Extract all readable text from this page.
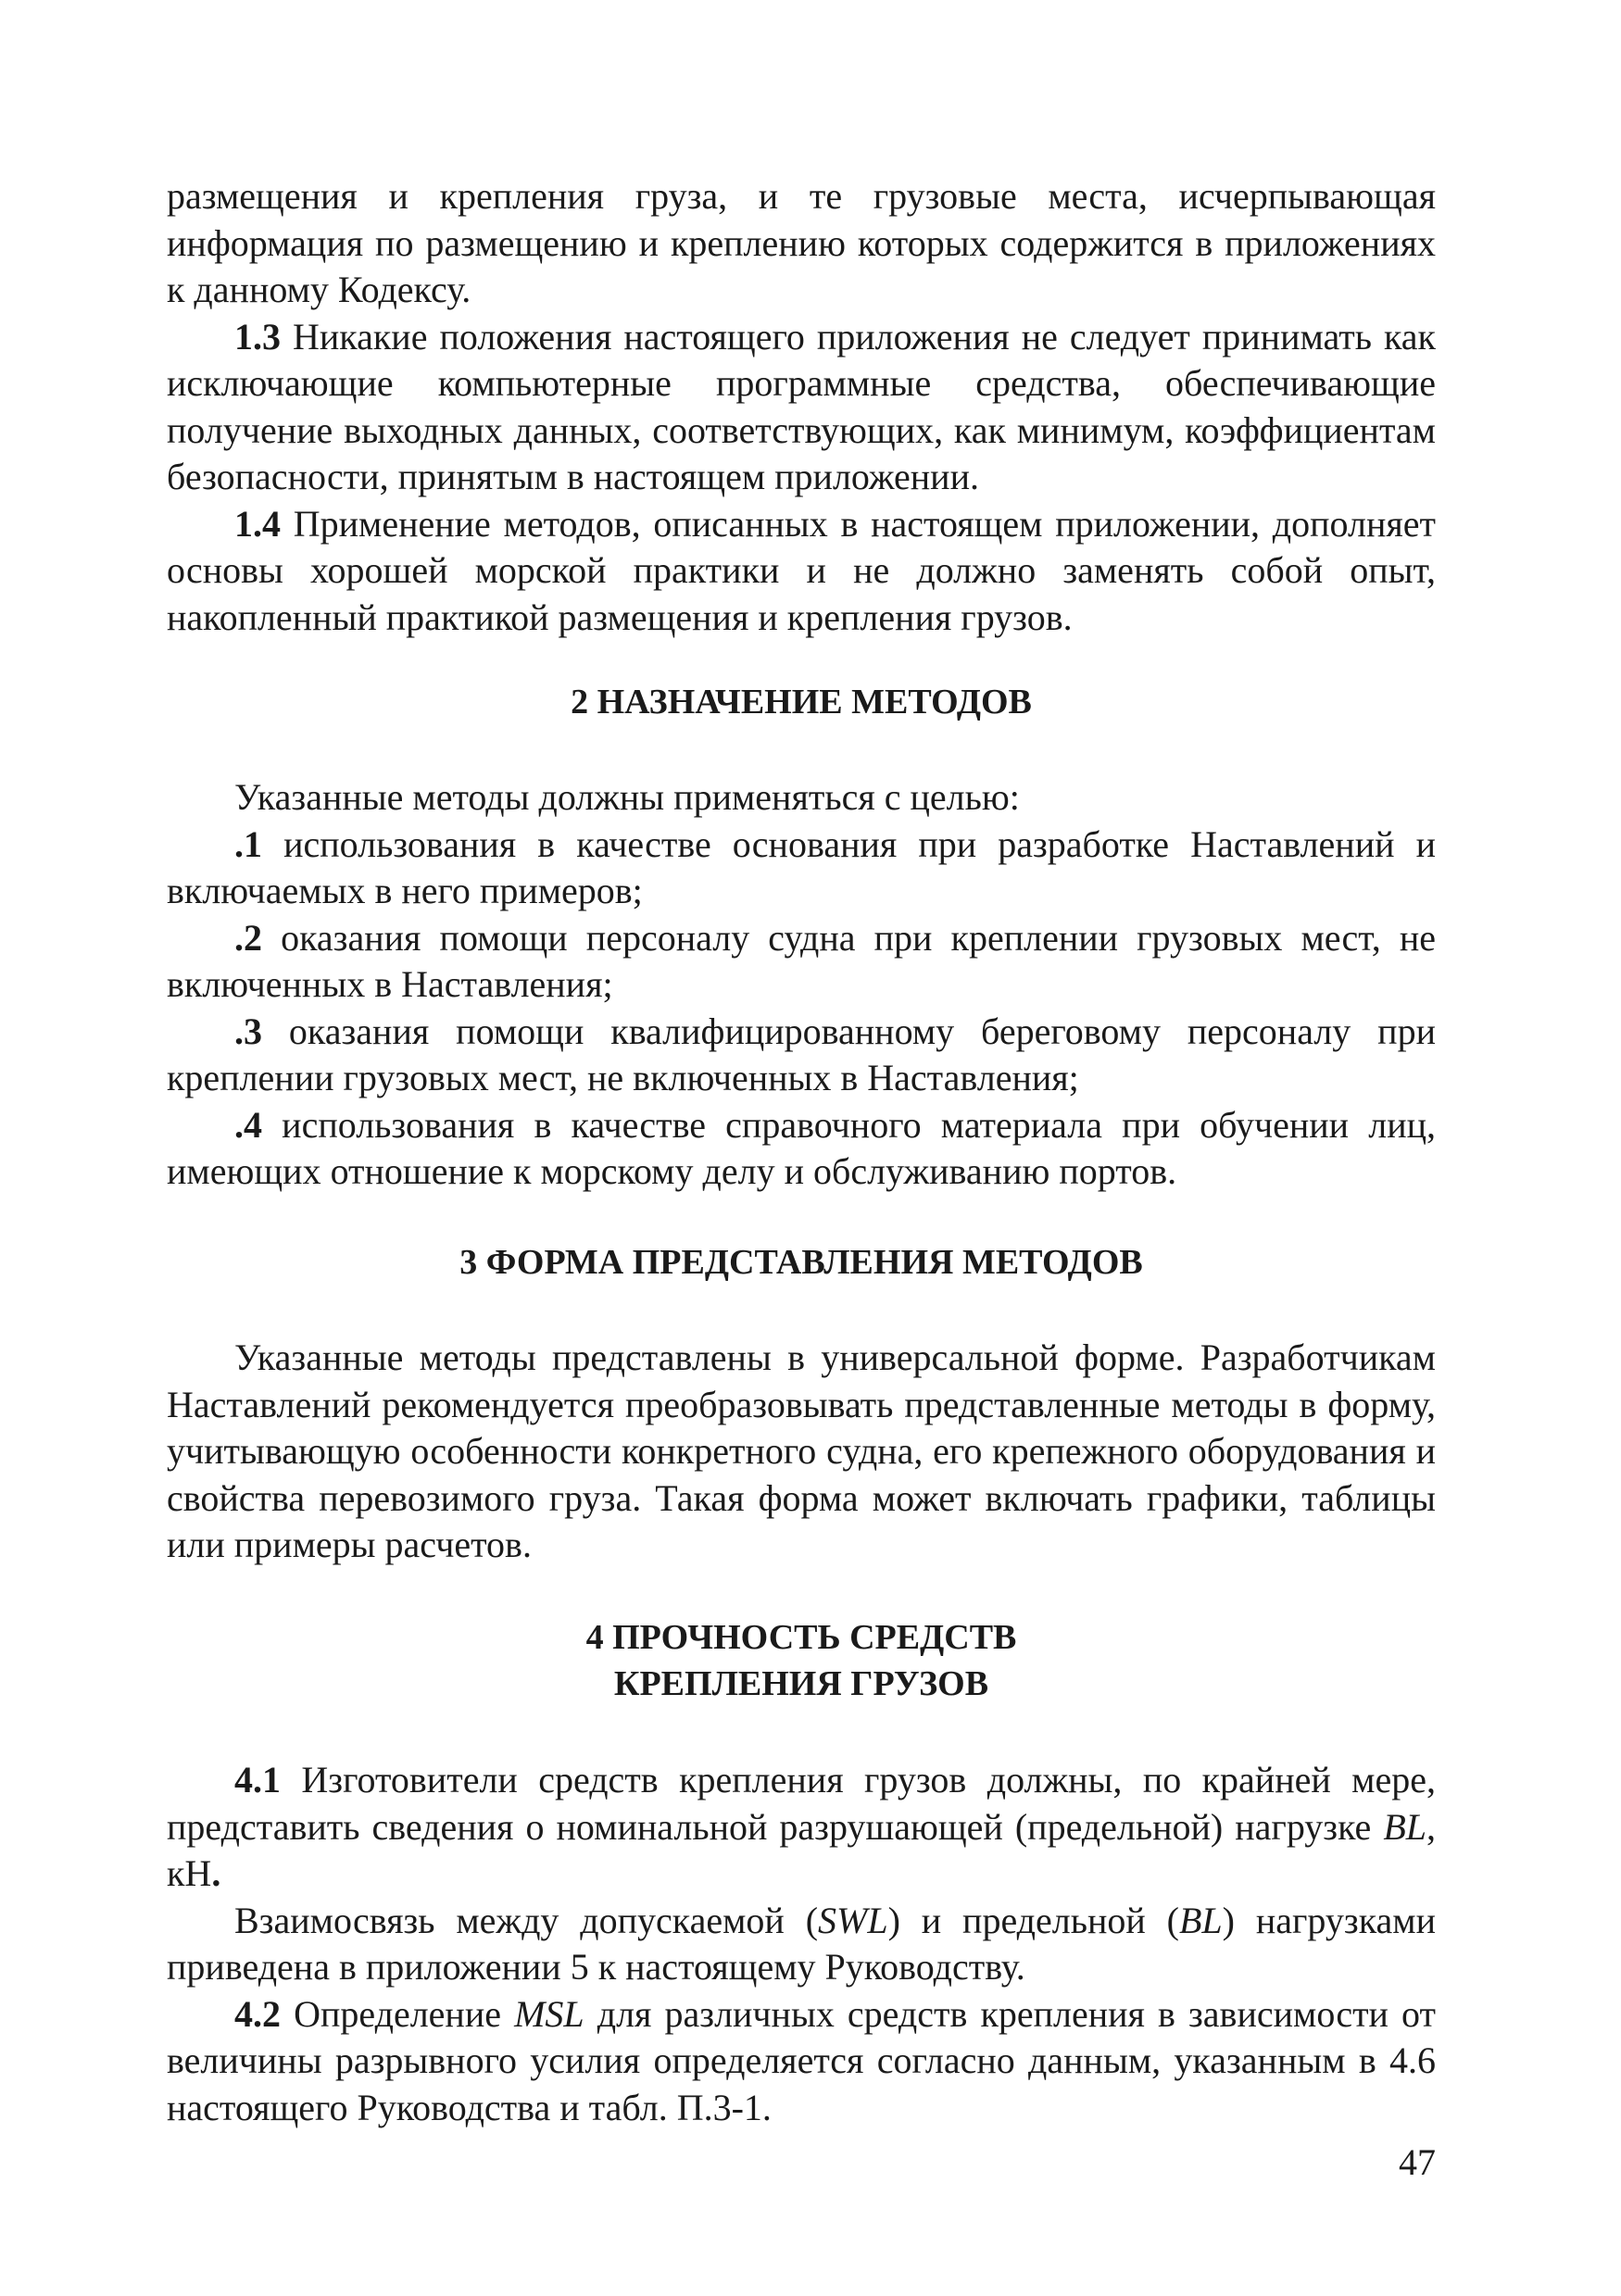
размещения и крепления груза, и те грузовые места, исчерпывающая информация по размещению и креплению которых содержится в приложениях к данному Кодексу.

1.3 Никакие положения настоящего приложения не следует принимать как исключающие компьютерные программные средства, обеспечивающие получение выходных данных, соответствующих, как минимум, коэффициентам безопасности, принятым в настоящем приложении.

1.4 Применение методов, описанных в настоящем приложении, дополняет основы хорошей морской практики и не должно заменять собой опыт, накопленный практикой размещения и крепления грузов.

2 НАЗНАЧЕНИЕ МЕТОДОВ

Указанные методы должны применяться с целью:

.1 использования в качестве основания при разработке Наставлений и включаемых в него примеров;

.2 оказания помощи персоналу судна при креплении грузовых мест, не включенных в Наставления;

.3 оказания помощи квалифицированному береговому персоналу при креплении грузовых мест, не включенных в Наставления;

.4 использования в качестве справочного материала при обучении лиц, имеющих отношение к морскому делу и обслуживанию портов.

3 ФОРМА ПРЕДСТАВЛЕНИЯ МЕТОДОВ

Указанные методы представлены в универсальной форме. Разработчикам Наставлений рекомендуется преобразовывать представленные методы в форму, учитывающую особенности конкретного судна, его крепежного оборудования и свойства перевозимого груза. Такая форма может включать графики, таблицы или примеры расчетов.

4 ПРОЧНОСТЬ СРЕДСТВ
КРЕПЛЕНИЯ ГРУЗОВ

4.1 Изготовители средств крепления грузов должны, по крайней мере, представить сведения о номинальной разрушающей (предельной) нагрузке BL, кН.

Взаимосвязь между допускаемой (SWL) и предельной (BL) нагрузками приведена в приложении 5 к настоящему Руководству.

4.2 Определение MSL для различных средств крепления в зависимости от величины разрывного усилия определяется согласно данным, указанным в 4.6 настоящего Руководства и табл. П.3-1.

47
